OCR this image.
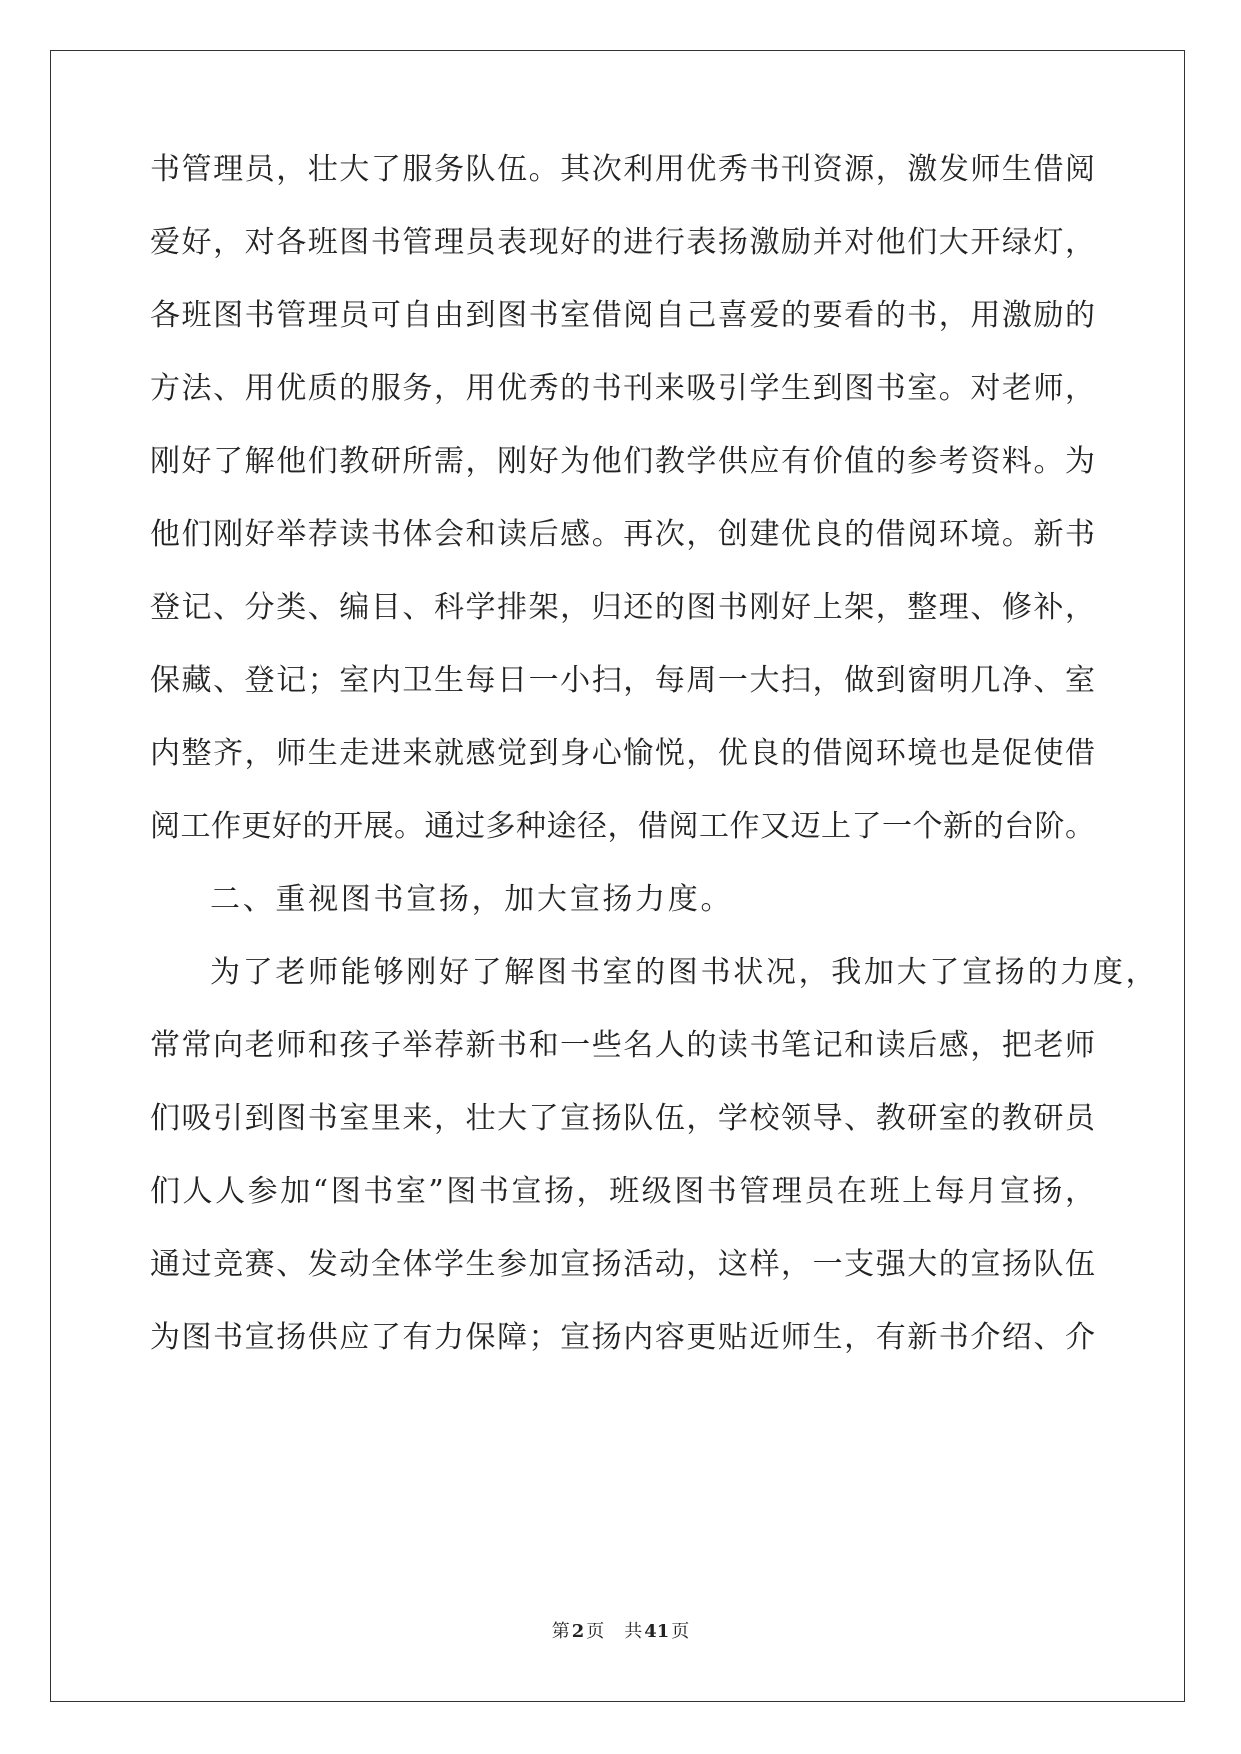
书管理员，壮大了服务队伍。其次利用优秀书刊资源，激发师生借阅
爱好，对各班图书管理员表现好的进行表扬激励并对他们大开绿灯，
各班图书管理员可自由到图书室借阅自己喜爱的要看的书，用激励的
方法、用优质的服务，用优秀的书刊来吸引学生到图书室。对老师，
刚好了解他们教研所需，刚好为他们教学供应有价值的参考资料。为
他们刚好举荐读书体会和读后感。再次，创建优良的借阅环境。新书
登记、分类、编目、科学排架，归还的图书刚好上架，整理、修补，
保藏、登记；室内卫生每日一小扫，每周一大扫，做到窗明几净、室
内整齐，师生走进来就感觉到身心愉悦，优良的借阅环境也是促使借
阅工作更好的开展。通过多种途径，借阅工作又迈上了一个新的台阶。
二、重视图书宣扬，加大宣扬力度。
为了老师能够刚好了解图书室的图书状况，我加大了宣扬的力度，
常常向老师和孩子举荐新书和一些名人的读书笔记和读后感，把老师
们吸引到图书室里来，壮大了宣扬队伍，学校领导、教研室的教研员
们人人参加“图书室”图书宣扬，班级图书管理员在班上每月宣扬，
通过竞赛、发动全体学生参加宣扬活动，这样，一支强大的宣扬队伍
为图书宣扬供应了有力保障；宣扬内容更贴近师生，有新书介绍、介
第 2 页 共 41 页
